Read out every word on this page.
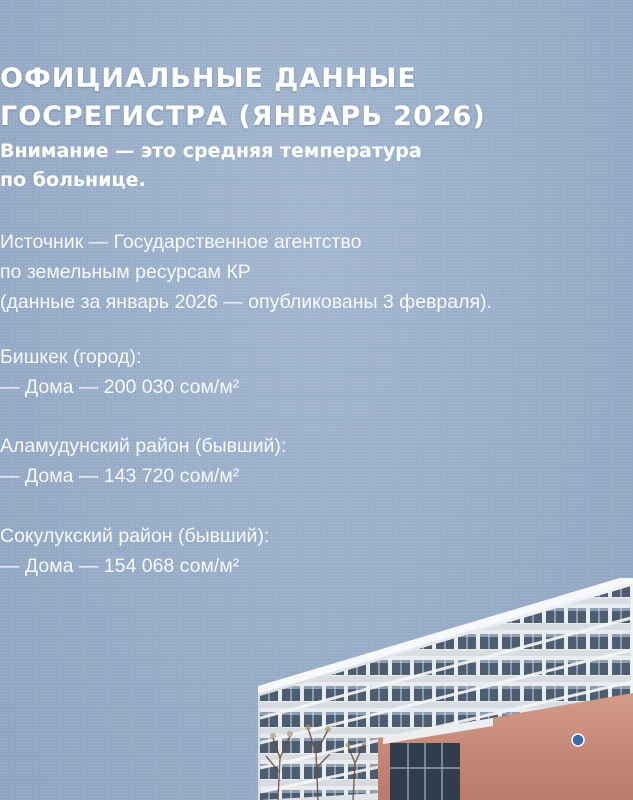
ОФИЦИАЛЬНЫЕ ДАННЫЕ
ГОСРЕГИСТРА (ЯНВАРЬ 2026)
Внимание — это средняя температура
по больнице.
Источник — Государственное агентство
по земельным ресурсам КР
(данные за январь 2026 — опубликованы 3 февраля).
Бишкек (город):
— Дома — 200 030 сом/м²
Аламудунский район (бывший):
— Дома — 143 720 сом/м²
Сокулукский район (бывший):
— Дома — 154 068 сом/м²
